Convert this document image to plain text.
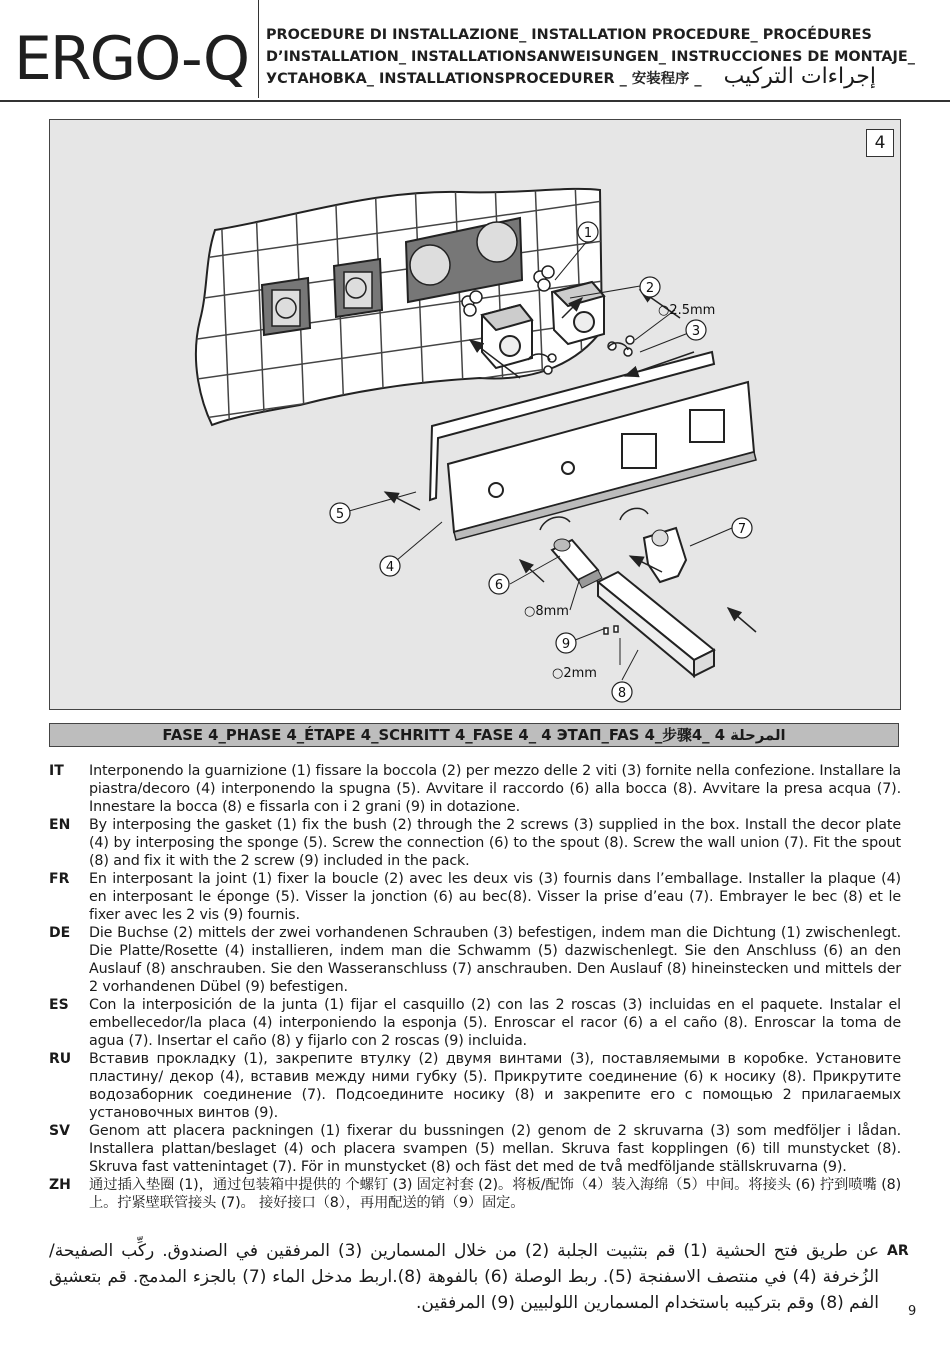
ERGO-Q PROCEDURE DI INSTALLAZIONE_ INSTALLATION PROCEDURE_ PROCÉDURES
D’INSTALLATION_ INSTALLATIONSANWEISUNGEN_ INSTRUCCIONES DE MONTAJE_
УСТАНОВКА_ INSTALLATIONSPROCEDURER _ 安装程序 _ إجراءات التركيب
1
2
3
4
5
6
7
8
9
○2.5mm
○8mm
○2mm
4
FASE 4_PHASE 4_ÉTAPE 4_SCHRITT 4_FASE 4_ 4 ЭТАП_FAS 4_步骤4_ 4 المرحلة
IT Interponendo la guarnizione (1) fissare la boccola (2) per mezzo delle 2 viti (3) fornite nella confezione. Installare la piastra/decoro (4) interponendo la spugna (5). Avvitare il raccordo (6) alla bocca (8). Avvitare la presa acqua (7). Innestare la bocca (8) e fissarla con i 2 grani (9) in dotazione.
EN By interposing the gasket (1) fix the bush (2) through the 2 screws (3) supplied in the box. Install the decor plate (4) by interposing the sponge (5). Screw the connection (6) to the spout (8). Screw the wall union (7). Fit the spout (8) and fix it with the 2 screw (9) included in the pack.
FR En interposant la joint (1) fixer la boucle (2) avec les deux vis (3) fournis dans l’emballage. Installer la plaque (4) en interposant le éponge (5). Visser la jonction (6) au bec(8). Visser la prise d’eau (7). Embrayer le bec (8) et le fixer avec les 2 vis (9) fournis.
DE Die Buchse (2) mittels der zwei vorhandenen Schrauben (3) befestigen, indem man die Dichtung (1) zwischenlegt. Die Platte/Rosette (4) installieren, indem man die Schwamm (5) dazwischenlegt. Sie den Anschluss (6) an den Auslauf (8) anschrauben. Sie den Wasseranschluss (7) anschrauben. Den Auslauf (8) hineinstecken und mittels der 2 vorhandenen Dübel (9) befestigen.
ES Con la interposición de la junta (1) fijar el casquillo (2) con las 2 roscas (3) incluidas en el paquete. Instalar el embellecedor/la placa (4) interponiendo la esponja (5). Enroscar el racor (6) a el caño (8). Enroscar la toma de agua (7). Insertar el caño (8) y fijarlo con 2 roscas (9) incluida.
RU Вставив прокладку (1), закрепите втулку (2) двумя винтами (3), поставляемыми в коробке. Установите пластину/ декор (4), вставив между ними губку (5). Прикрутите соединение (6) к носику (8). Прикрутите водозаборник соединение (7). Подсоедините носику (8) и закрепите его с помощью 2 прилагаемых установочных винтов (9).
SV Genom att placera packningen (1) fixerar du bussningen (2) genom de 2 skruvarna (3) som medföljer i lådan. Installera plattan/beslaget (4) och placera svampen (5) mellan. Skruva fast kopplingen (6) till munstycket (8). Skruva fast vattenintaget (7). För in munstycket (8) och fäst det med de två medföljande ställskruvarna (9).
ZH 通过插入垫圈 (1)，通过包装箱中提供的 个螺钉 (3) 固定衬套 (2)。将板/配饰（4）装入海绵（5）中间。将接头 (6) 拧到喷嘴 (8) 上。拧紧壁联管接头 (7)。 接好接口（8），再用配送的销（9）固定。
AR
عن طريق فتح الحشية (1) قم بتثبيت الجلبة (2) من خلال المسمارين (3) المرفقين في الصندوق. ركِّب الصفيحة/ الزُخرفة (4) في منتصف الاسفنجة (5). ربط الوصلة (6) بالفوهة (8).اربط مدخل الماء (7) بالجزء المدمج. قم بتعشيق الفم (8) وقم بتركيبه باستخدام المسمارين اللولبيين (9) المرفقين. 9
